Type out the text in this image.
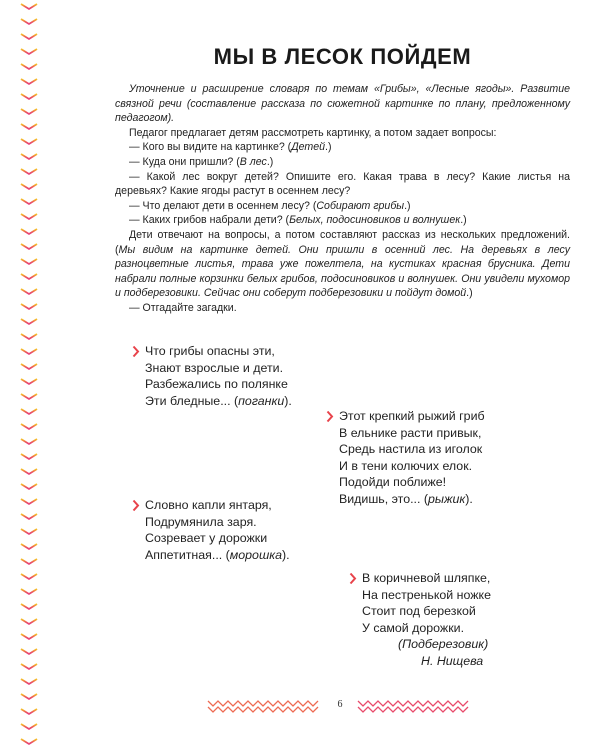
МЫ В ЛЕСОК ПОЙДЕМ

Уточнение и расширение словаря по темам «Грибы», «Лесные ягоды». Развитие связной речи (составление рассказа по сюжетной картинке по плану, предложенному педагогом).

Педагог предлагает детям рассмотреть картинку, а потом задает вопросы:

— Кого вы видите на картинке? (Детей.)

— Куда они пришли? (В лес.)

— Какой лес вокруг детей? Опишите его. Какая трава в лесу? Какие листья на деревьях? Какие ягоды растут в осеннем лесу?

— Что делают дети в осеннем лесу? (Собирают грибы.)

— Каких грибов набрали дети? (Белых, подосиновиков и волнушек.)

Дети отвечают на вопросы, а потом составляют рассказ из нескольких предложений. (Мы видим на картинке детей. Они пришли в осенний лес. На деревьях в лесу разноцветные листья, трава уже пожелтела, на кустиках красная брусника. Дети набрали полные корзинки белых грибов, подосиновиков и волнушек. Они увидели мухомор и подберезовики. Сейчас они соберут подберезовики и пойдут домой.)

— Отгадайте загадки.

Что грибы опасны эти,
Знают взрослые и дети.
Разбежались по полянке
Эти бледные... (поганки).
Этот крепкий рыжий гриб
В ельнике расти привык,
Средь настила из иголок
И в тени колючих елок.
Подойди поближе!
Видишь, это... (рыжик).
Словно капли янтаря,
Подрумянила заря.
Созревает у дорожки
Аппетитная... (морошка).
В коричневой шляпке,
На пестренькой ножке
Стоит под березкой
У самой дорожки.
(Подберезовик)
Н. Нищева
6
